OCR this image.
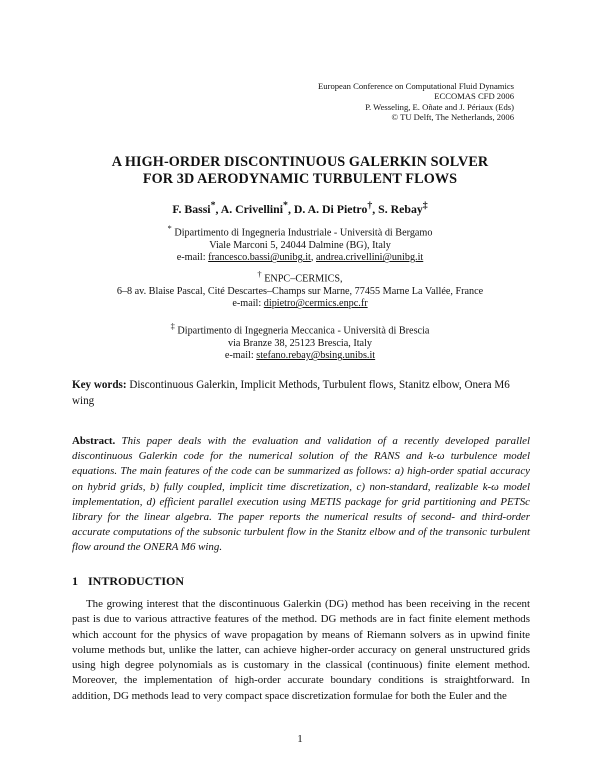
European Conference on Computational Fluid Dynamics
ECCOMAS CFD 2006
P. Wesseling, E. Oñate and J. Périaux (Eds)
© TU Delft, The Netherlands, 2006
A HIGH-ORDER DISCONTINUOUS GALERKIN SOLVER
FOR 3D AERODYNAMIC TURBULENT FLOWS
F. Bassi*, A. Crivellini*, D. A. Di Pietro†, S. Rebay‡
* Dipartimento di Ingegneria Industriale - Università di Bergamo
Viale Marconi 5, 24044 Dalmine (BG), Italy
e-mail: francesco.bassi@unibg.it, andrea.crivellini@unibg.it
† ENPC–CERMICS,
6–8 av. Blaise Pascal, Cité Descartes–Champs sur Marne, 77455 Marne La Vallée, France
e-mail: dipietro@cermics.enpc.fr
‡ Dipartimento di Ingegneria Meccanica - Università di Brescia
via Branze 38, 25123 Brescia, Italy
e-mail: stefano.rebay@bsing.unibs.it
Key words: Discontinuous Galerkin, Implicit Methods, Turbulent flows, Stanitz elbow, Onera M6 wing
Abstract. This paper deals with the evaluation and validation of a recently developed parallel discontinuous Galerkin code for the numerical solution of the RANS and k-ω turbulence model equations. The main features of the code can be summarized as follows: a) high-order spatial accuracy on hybrid grids, b) fully coupled, implicit time discretization, c) non-standard, realizable k-ω model implementation, d) efficient parallel execution using METIS package for grid partitioning and PETSc library for the linear algebra. The paper reports the numerical results of second- and third-order accurate computations of the subsonic turbulent flow in the Stanitz elbow and of the transonic turbulent flow around the ONERA M6 wing.
1 INTRODUCTION
The growing interest that the discontinuous Galerkin (DG) method has been receiving in the recent past is due to various attractive features of the method. DG methods are in fact finite element methods which account for the physics of wave propagation by means of Riemann solvers as in upwind finite volume methods but, unlike the latter, can achieve higher-order accuracy on general unstructured grids using high degree polynomials as is customary in the classical (continuous) finite element method. Moreover, the implementation of high-order accurate boundary conditions is straightforward. In addition, DG methods lead to very compact space discretization formulae for both the Euler and the
1
